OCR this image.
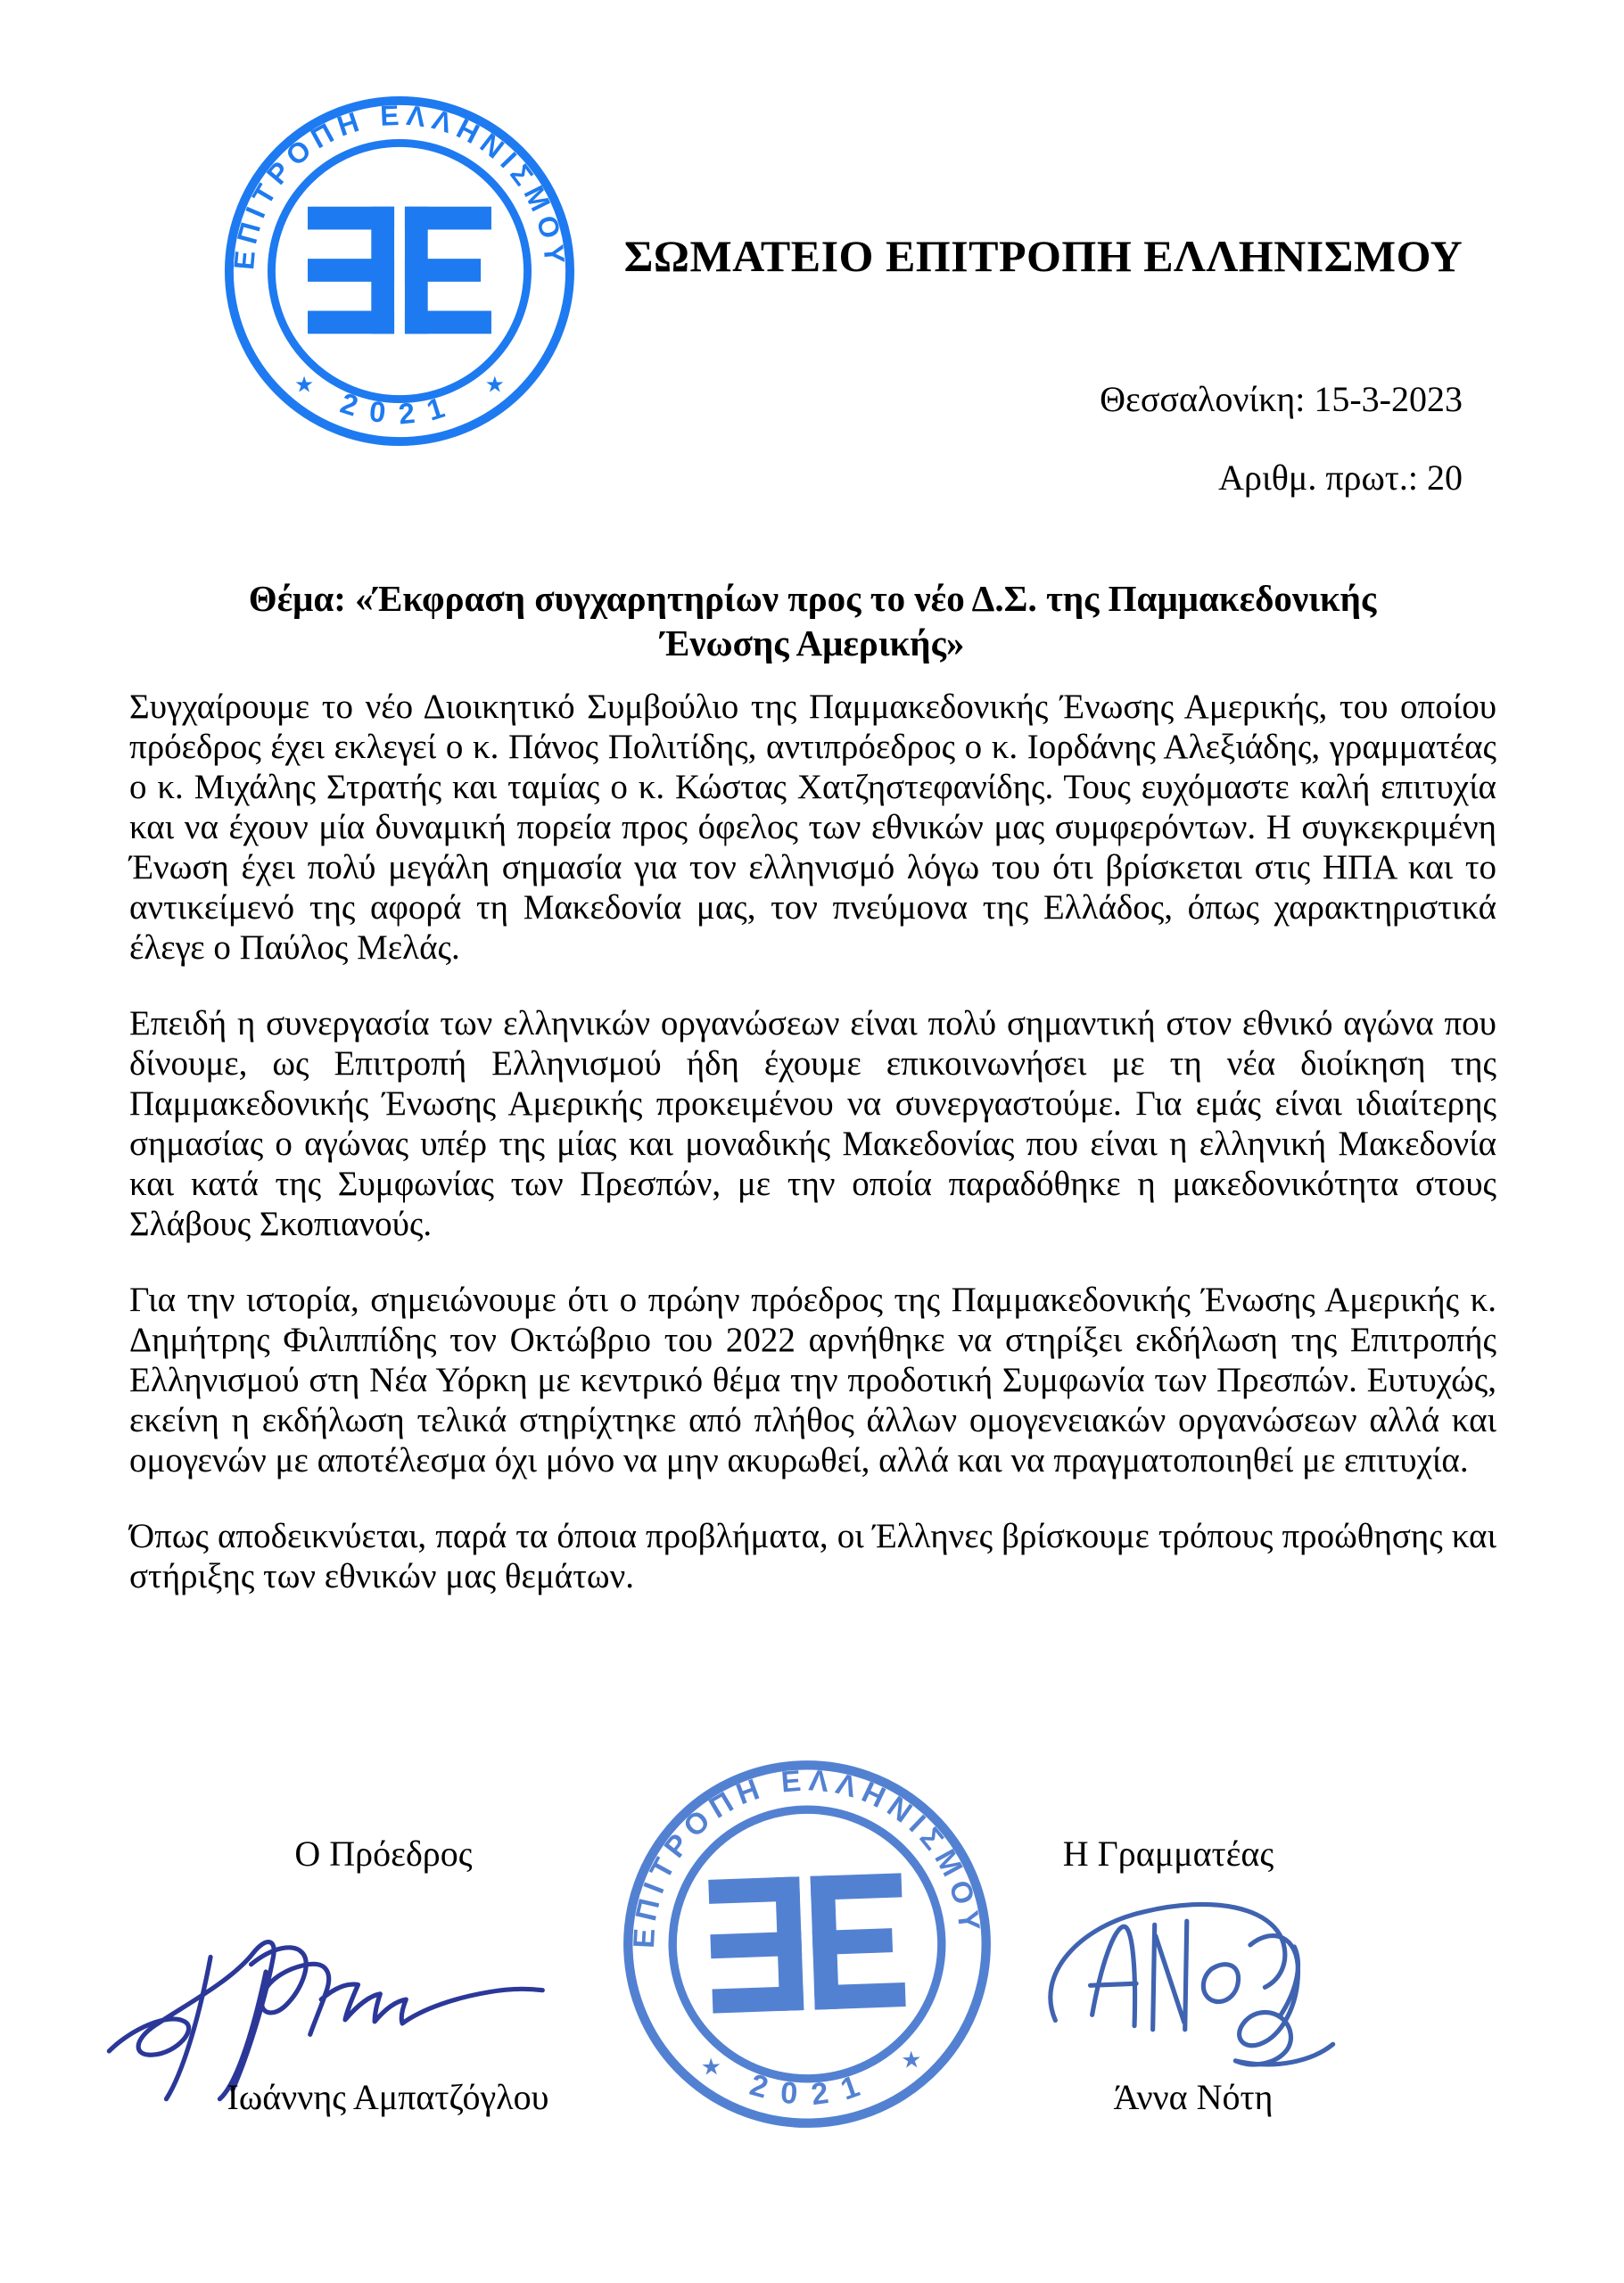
ΕΠΙΤΡΟΠΗ ΕΛΛΗΝΙΣΜΟΥ
2021
★	★
ΣΩΜΑΤΕΙΟ ΕΠΙΤΡΟΠΗ ΕΛΛΗΝΙΣΜΟΥ
Θεσσαλονίκη: 15-3-2023
Αριθμ. πρωτ.: 20
Θέμα: «Έκφραση συγχαρητηρίων προς το νέο Δ.Σ. της Παμμακεδονικής
Ένωσης Αμερικής»

Συγχαίρουμε το νέο Διοικητικό Συμβούλιο της Παμμακεδονικής Ένωσης Αμερικής, του οποίου πρόεδρος έχει εκλεγεί ο κ. Πάνος Πολιτίδης, αντιπρόεδρος ο κ. Ιορδάνης Αλεξιάδης, γραμματέας ο κ. Μιχάλης Στρατής και ταμίας ο κ. Κώστας Χατζηστεφανίδης. Τους ευχόμαστε καλή επιτυχία και να έχουν μία δυναμική πορεία προς όφελος των εθνικών μας συμφερόντων. Η συγκεκριμένη Ένωση έχει πολύ μεγάλη σημασία για τον ελληνισμό λόγω του ότι βρίσκεται στις ΗΠΑ και το αντικείμενό της αφορά τη Μακεδονία μας, τον πνεύμονα της Ελλάδος, όπως χαρακτηριστικά έλεγε ο Παύλος Μελάς.

Επειδή η συνεργασία των ελληνικών οργανώσεων είναι πολύ σημαντική στον εθνικό αγώνα που δίνουμε, ως Επιτροπή Ελληνισμού ήδη έχουμε επικοινωνήσει με τη νέα διοίκηση της Παμμακεδονικής Ένωσης Αμερικής προκειμένου να συνεργαστούμε. Για εμάς είναι ιδιαίτερης σημασίας ο αγώνας υπέρ της μίας και μοναδικής Μακεδονίας που είναι η ελληνική Μακεδονία και κατά της Συμφωνίας των Πρεσπών, με την οποία παραδόθηκε η μακεδονικότητα στους Σλάβους Σκοπιανούς.

Για την ιστορία, σημειώνουμε ότι ο πρώην πρόεδρος της Παμμακεδονικής Ένωσης Αμερικής κ. Δημήτρης Φιλιππίδης τον Οκτώβριο του 2022 αρνήθηκε να στηρίξει εκδήλωση της Επιτροπής Ελληνισμού στη Νέα Υόρκη με κεντρικό θέμα την προδοτική Συμφωνία των Πρεσπών. Ευτυχώς, εκείνη η εκδήλωση τελικά στηρίχτηκε από πλήθος άλλων ομογενειακών οργανώσεων αλλά και ομογενών με αποτέλεσμα όχι μόνο να μην ακυρωθεί, αλλά και να πραγματοποιηθεί με επιτυχία.

Όπως αποδεικνύεται, παρά τα όποια προβλήματα, οι Έλληνες βρίσκουμε τρόπους προώθησης και στήριξης των εθνικών μας θεμάτων.

Ο Πρόεδρος	Η Γραμματέας
ΕΠΙΤΡΟΠΗ ΕΛΛΗΝΙΣΜΟΥ
2021
★	★
Ιωάννης Αμπατζόγλου	Άννα Νότη
